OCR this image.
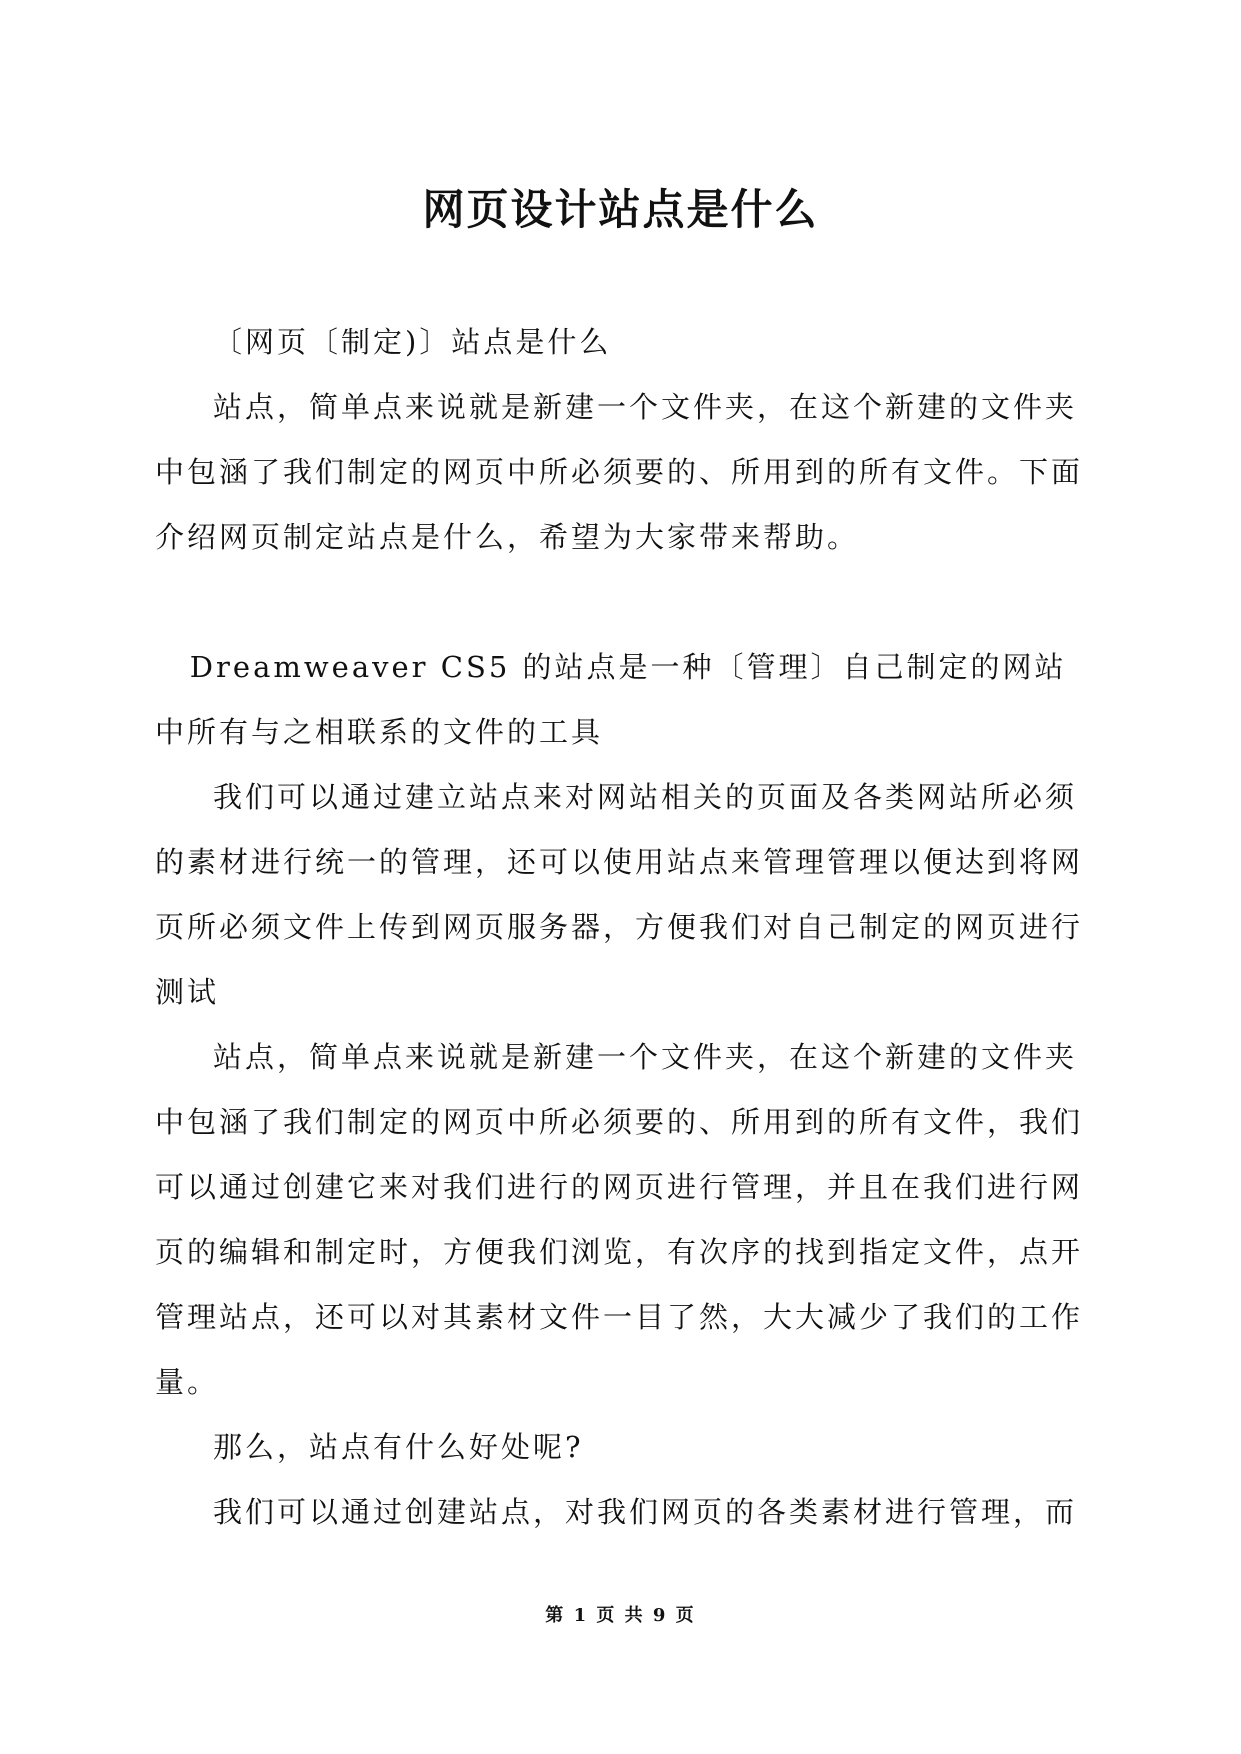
网页设计站点是什么

〔网页〔制定)〕站点是什么

站点，简单点来说就是新建一个文件夹，在这个新建的文件夹中包涵了我们制定的网页中所必须要的、所用到的所有文件。下面介绍网页制定站点是什么，希望为大家带来帮助。

Dreamweaver CS5 的站点是一种〔管理〕自己制定的网站中所有与之相联系的文件的工具

我们可以通过建立站点来对网站相关的页面及各类网站所必须的素材进行统一的管理，还可以使用站点来管理管理以便达到将网页所必须文件上传到网页服务器，方便我们对自己制定的网页进行测试

站点，简单点来说就是新建一个文件夹，在这个新建的文件夹中包涵了我们制定的网页中所必须要的、所用到的所有文件，我们可以通过创建它来对我们进行的网页进行管理，并且在我们进行网页的编辑和制定时，方便我们浏览，有次序的找到指定文件，点开管理站点，还可以对其素材文件一目了然，大大减少了我们的工作量。

那么，站点有什么好处呢?

我们可以通过创建站点，对我们网页的各类素材进行管理，而

第 1 页 共 9 页
